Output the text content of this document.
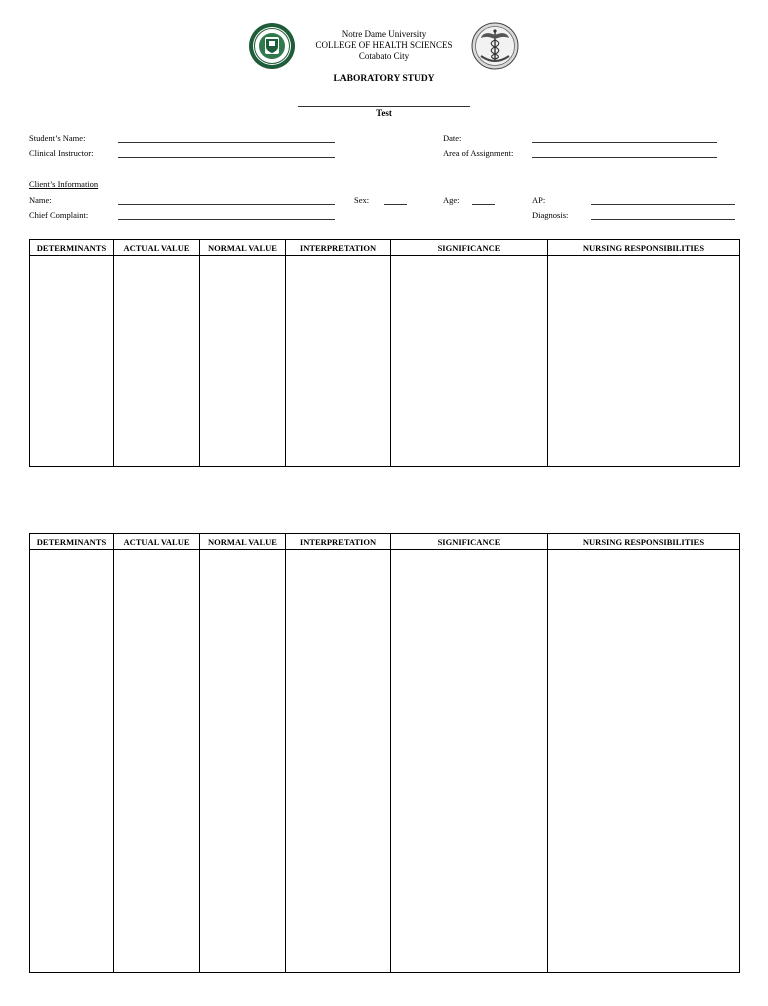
Notre Dame University
COLLEGE OF HEALTH SCIENCES
Cotabato City
LABORATORY STUDY
Test
Student’s Name:	Date:
Clinical Instructor:	Area of Assignment:
Client’s Information
Name:	Sex:	Age:	AP:
Chief Complaint:	Diagnosis:
DETERMINANTS	ACTUAL VALUE	NORMAL VALUE	INTERPRETATION	SIGNIFICANCE	NURSING RESPONSIBILITIES

DETERMINANTS	ACTUAL VALUE	NORMAL VALUE	INTERPRETATION	SIGNIFICANCE	NURSING RESPONSIBILITIES
